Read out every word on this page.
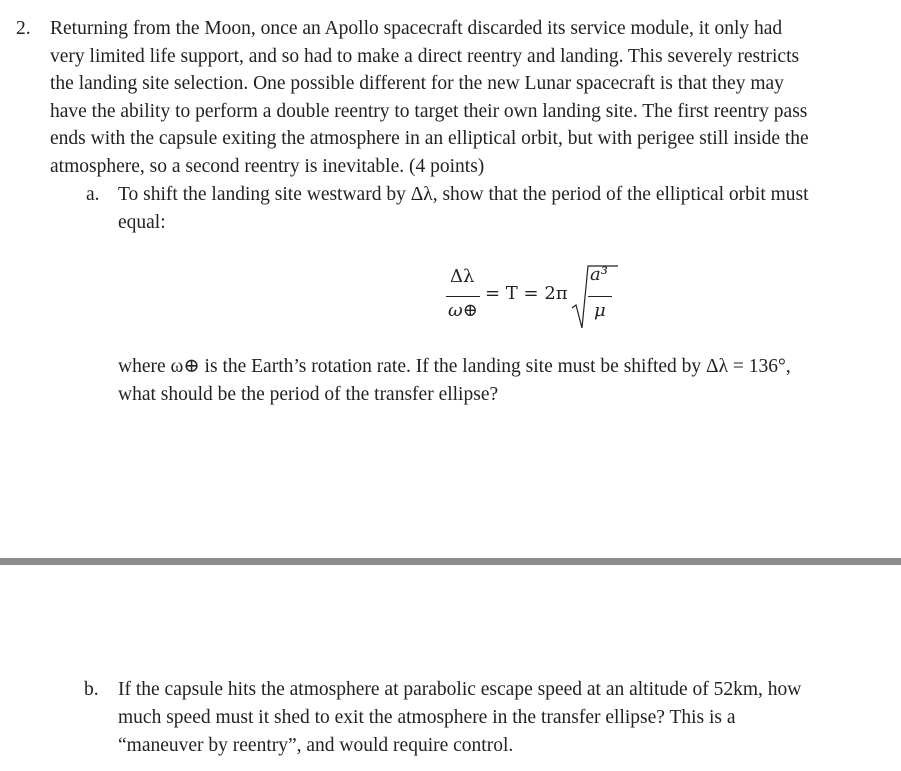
2. Returning from the Moon, once an Apollo spacecraft discarded its service module, it only had
very limited life support, and so had to make a direct reentry and landing. This severely restricts
the landing site selection. One possible different for the new Lunar spacecraft is that they may
have the ability to perform a double reentry to target their own landing site. The first reentry pass
ends with the capsule exiting the atmosphere in an elliptical orbit, but with perigee still inside the
atmosphere, so a second reentry is inevitable. (4 points)
a. To shift the landing site westward by Δλ, show that the period of the elliptical orbit must
equal:
Δλ
ω⊕
= T = 2π
a³
μ
where ω⊕ is the Earth’s rotation rate. If the landing site must be shifted by Δλ = 136°,
what should be the period of the transfer ellipse?
b. If the capsule hits the atmosphere at parabolic escape speed at an altitude of 52km, how
much speed must it shed to exit the atmosphere in the transfer ellipse? This is a
“maneuver by reentry”, and would require control.
